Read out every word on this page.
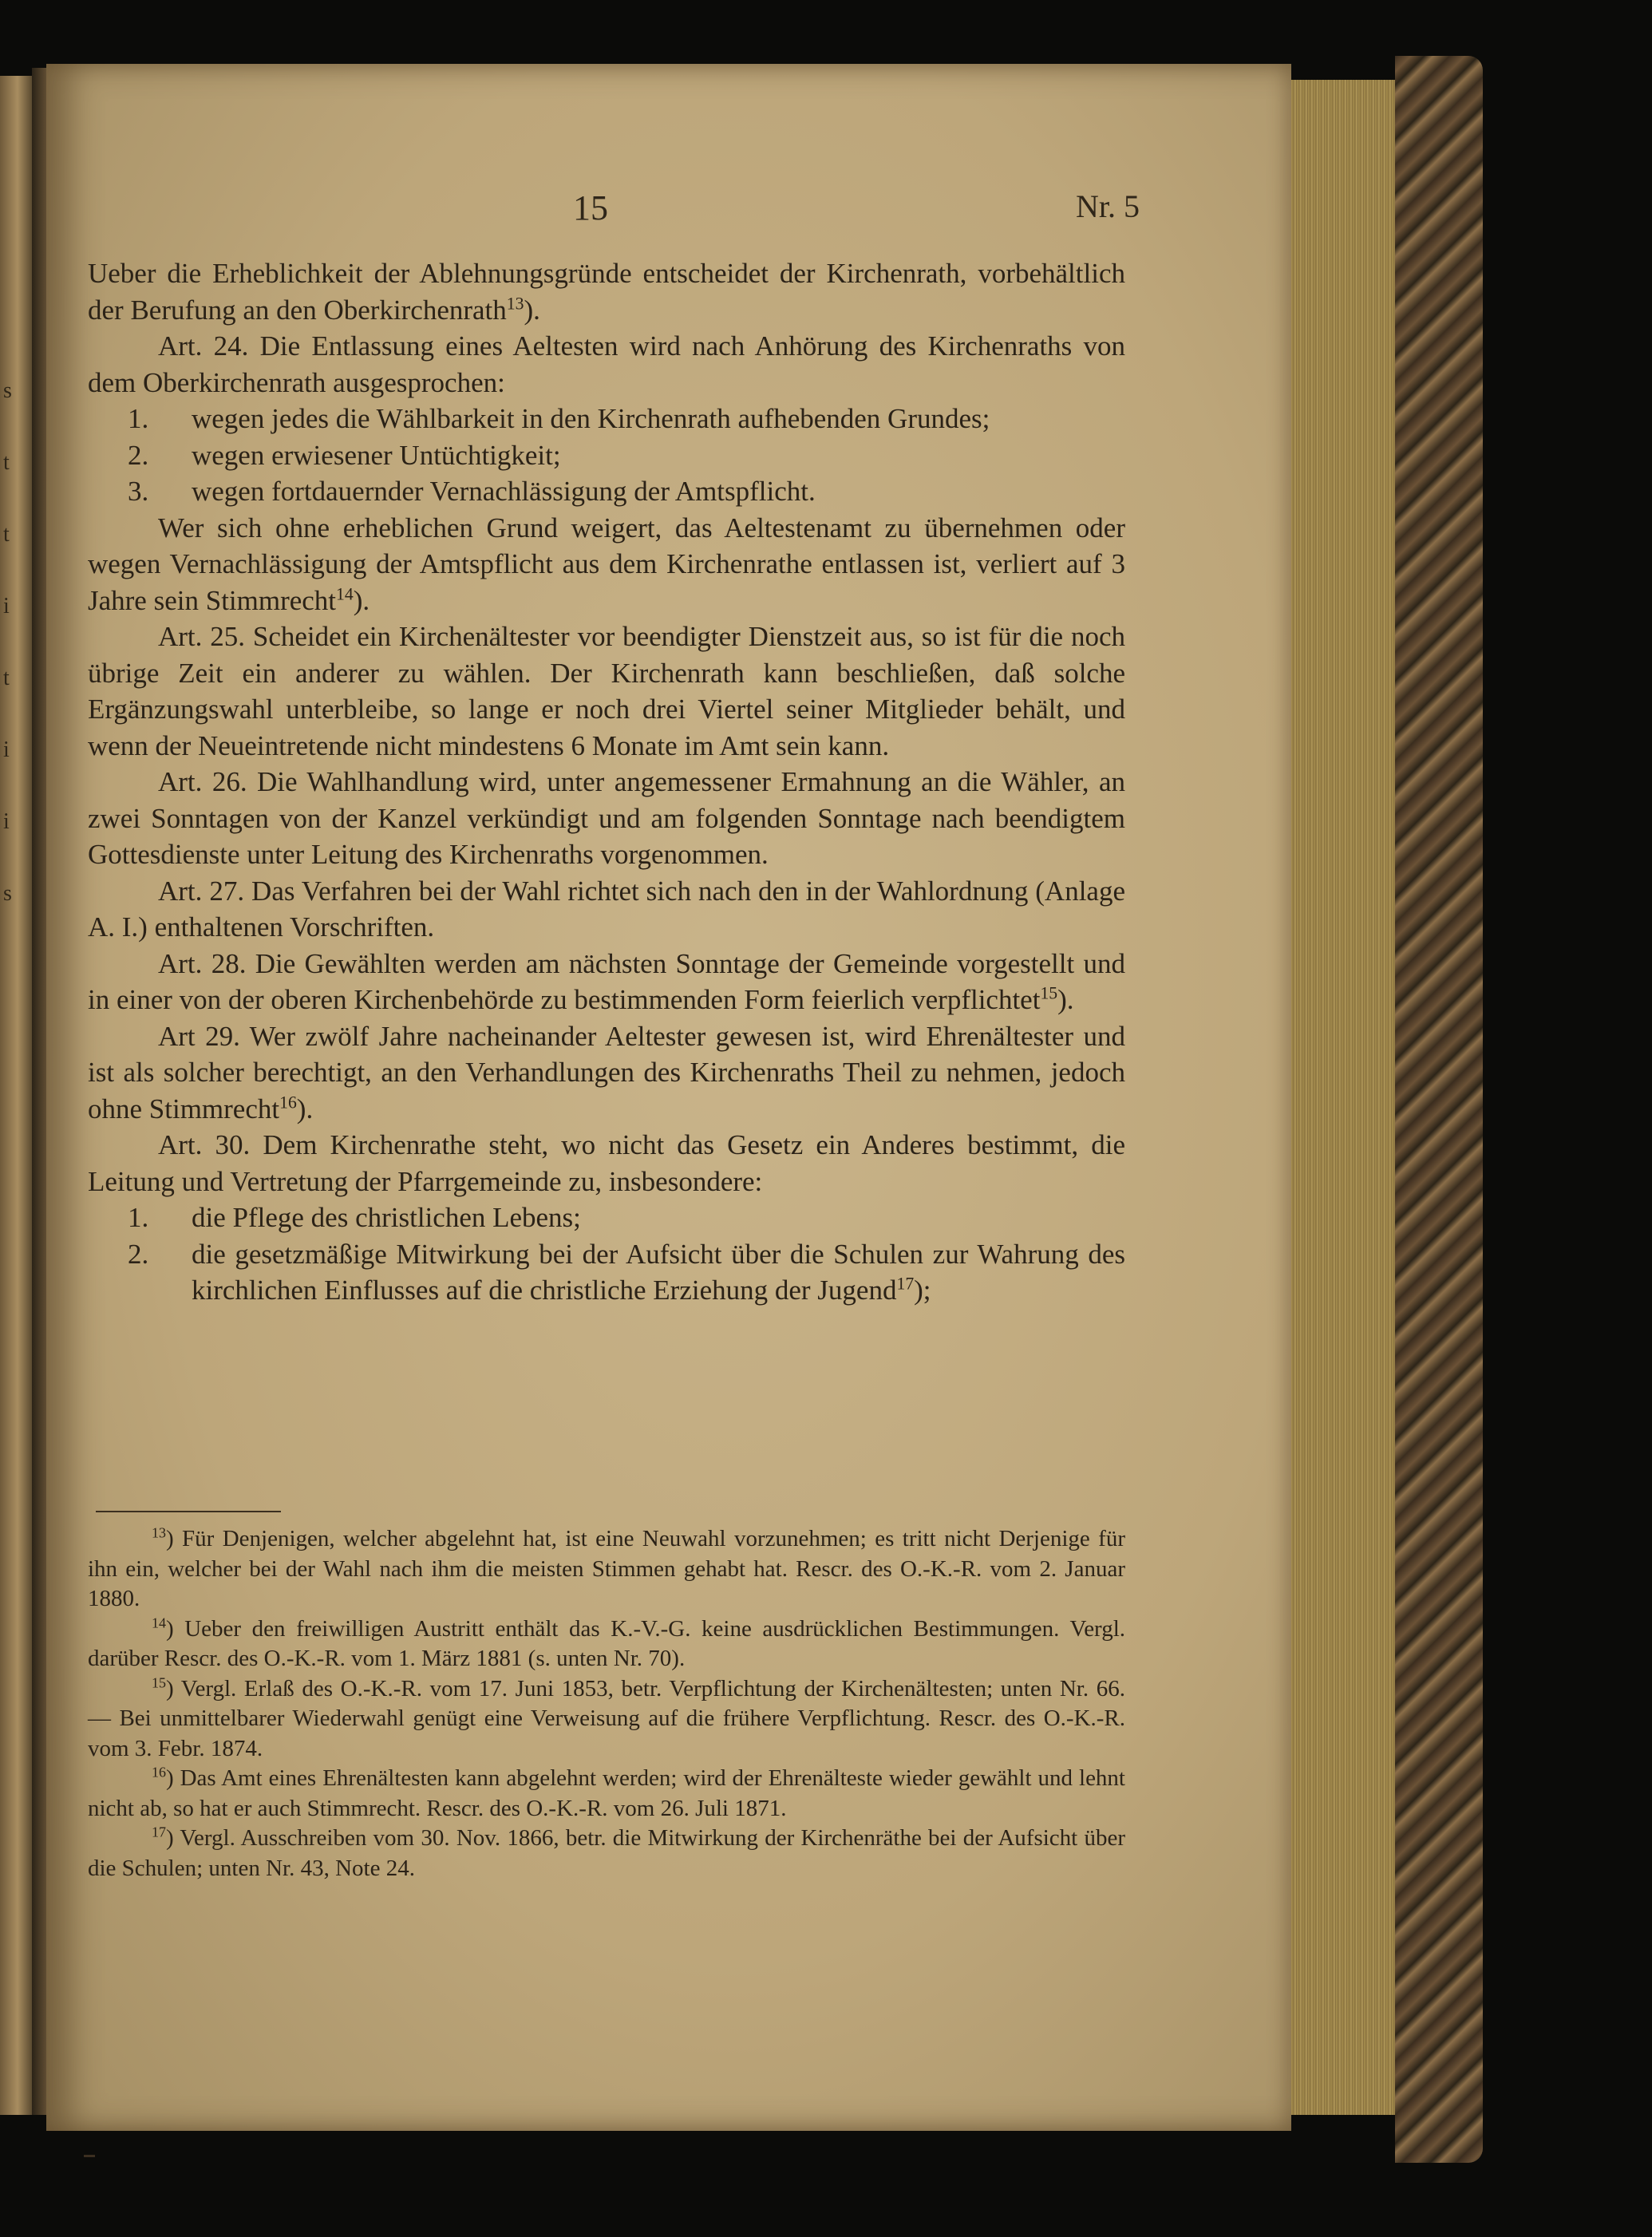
s
t
t
i
t
i
i
s
15	Nr. 5

Ueber die Erheblichkeit der Ablehnungsgründe entscheidet der Kirchenrath, vorbehältlich der Berufung an den Oberkirchenrath$^{13}$).

Art. 24. Die Entlassung eines Aeltesten wird nach Anhörung des Kirchenraths von dem Oberkirchenrath ausgesprochen:

1. wegen jedes die Wählbarkeit in den Kirchenrath aufhebenden Grundes;

2. wegen erwiesener Untüchtigkeit;

3. wegen fortdauernder Vernachlässigung der Amtspflicht.

Wer sich ohne erheblichen Grund weigert, das Aeltestenamt zu übernehmen oder wegen Vernachlässigung der Amtspflicht aus dem Kirchenrathe entlassen ist, verliert auf 3 Jahre sein Stimmrecht$^{14}$).

Art. 25. Scheidet ein Kirchenältester vor beendigter Dienstzeit aus, so ist für die noch übrige Zeit ein anderer zu wählen. Der Kirchenrath kann beschließen, daß solche Ergänzungswahl unterbleibe, so lange er noch drei Viertel seiner Mitglieder behält, und wenn der Neueintretende nicht mindestens 6 Monate im Amt sein kann.

Art. 26. Die Wahlhandlung wird, unter angemessener Ermahnung an die Wähler, an zwei Sonntagen von der Kanzel verkündigt und am folgenden Sonntage nach beendigtem Gottesdienste unter Leitung des Kirchenraths vorgenommen.

Art. 27. Das Verfahren bei der Wahl richtet sich nach den in der Wahlordnung (Anlage A. I.) enthaltenen Vorschriften.

Art. 28. Die Gewählten werden am nächsten Sonntage der Gemeinde vorgestellt und in einer von der oberen Kirchenbehörde zu bestimmenden Form feierlich verpflichtet$^{15}$).

Art 29. Wer zwölf Jahre nacheinander Aeltester gewesen ist, wird Ehrenältester und ist als solcher berechtigt, an den Verhandlungen des Kirchenraths Theil zu nehmen, jedoch ohne Stimmrecht$^{16}$).

Art. 30. Dem Kirchenrathe steht, wo nicht das Gesetz ein Anderes bestimmt, die Leitung und Vertretung der Pfarrgemeinde zu, insbesondere:

1. die Pflege des christlichen Lebens;

2. die gesetzmäßige Mitwirkung bei der Aufsicht über die Schulen zur Wahrung des kirchlichen Einflusses auf die christliche Erziehung der Jugend$^{17}$);

$^{13}$) Für Denjenigen, welcher abgelehnt hat, ist eine Neuwahl vorzunehmen; es tritt nicht Derjenige für ihn ein, welcher bei der Wahl nach ihm die meisten Stimmen gehabt hat. Rescr. des O.-K.-R. vom 2. Januar 1880.

$^{14}$) Ueber den freiwilligen Austritt enthält das K.-V.-G. keine ausdrücklichen Bestimmungen. Vergl. darüber Rescr. des O.-K.-R. vom 1. März 1881 (s. unten Nr. 70).

$^{15}$) Vergl. Erlaß des O.-K.-R. vom 17. Juni 1853, betr. Verpflichtung der Kirchenältesten; unten Nr. 66. — Bei unmittelbarer Wiederwahl genügt eine Verweisung auf die frühere Verpflichtung. Rescr. des O.-K.-R. vom 3. Febr. 1874.

$^{16}$) Das Amt eines Ehrenältesten kann abgelehnt werden; wird der Ehrenälteste wieder gewählt und lehnt nicht ab, so hat er auch Stimmrecht. Rescr. des O.-K.-R. vom 26. Juli 1871.

$^{17}$) Vergl. Ausschreiben vom 30. Nov. 1866, betr. die Mitwirkung der Kirchenräthe bei der Aufsicht über die Schulen; unten Nr. 43, Note 24.
